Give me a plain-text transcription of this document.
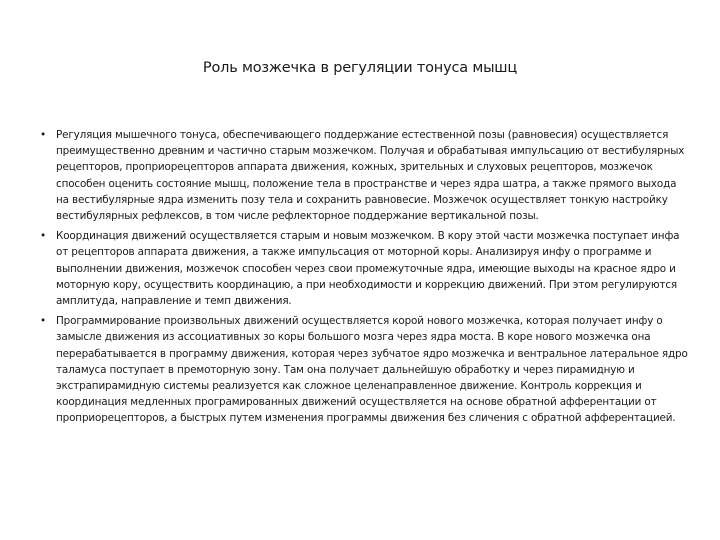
Роль мозжечка в регуляции тонуса мышц
• Регуляция мышечного тонуса, обеспечивающего поддержание естественной позы (равновесия) осуществляется преимущественно древним и частично старым мозжечком. Получая и обрабатывая импульсацию от вестибулярных рецепторов, проприорецепторов аппарата движения, кожных, зрительных и слуховых рецепторов, мозжечок способен оценить состояние мышц, положение тела в пространстве и через ядра шатра, а также прямого выхода на вестибулярные ядра изменить позу тела и сохранить равновесие. Мозжечок осуществляет тонкую настройку вестибулярных рефлексов, в том числе рефлекторное поддержание вертикальной позы.
• Координация движений осуществляется старым и новым мозжечком. В кору этой части мозжечка поступает инфа от рецепторов аппарата движения, а также импульсация от моторной коры. Анализируя инфу о программе и выполнении движения, мозжечок способен через свои промежуточные ядра, имеющие выходы на красное ядро и моторную кору, осуществить координацию, а при необходимости и коррекцию движений. При этом регулируются амплитуда, направление и темп движения.
• Программирование произвольных движений осуществляется корой нового мозжечка, которая получает инфу о замысле движения из ассоциативных зо коры большого мозга через ядра моста. В коре нового мозжечка она перерабатывается в программу движения, которая через зубчатое ядро мозжечка и вентральное латеральное ядро таламуса поступает в премоторную зону. Там она получает дальнейшую обработку и через пирамидную и экстрапирамидную системы реализуется как сложное целенаправленное движение. Контроль коррекция и координация медленных програмированных движений осуществляется на основе обратной афферентации от проприорецепторов, а быстрых путем изменения программы движения без сличения с обратной афферентацией.
